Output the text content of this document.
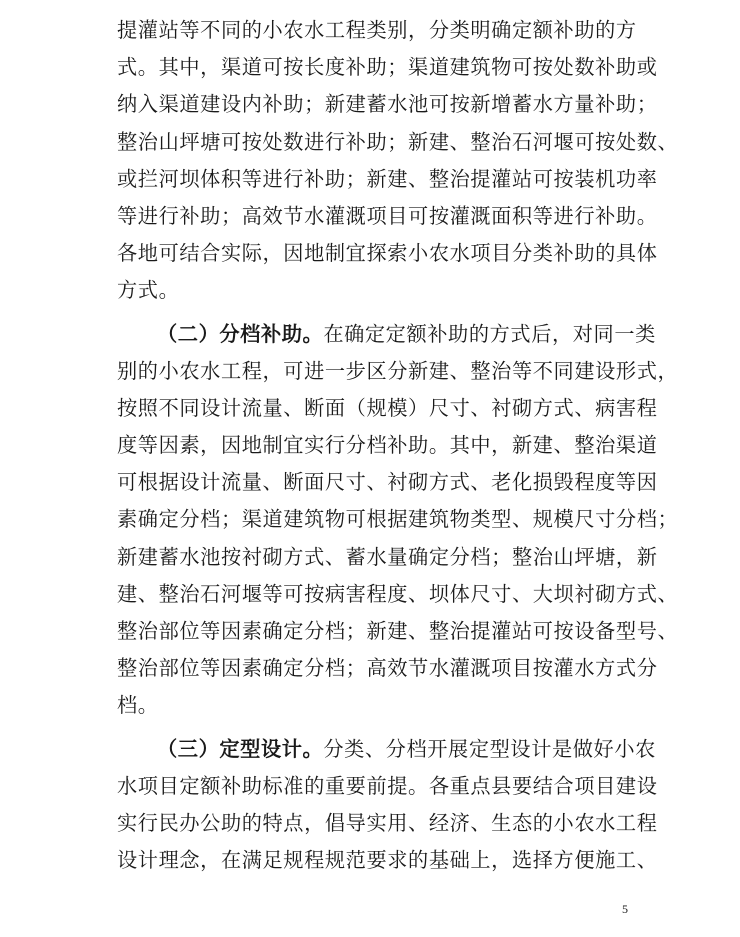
提灌站等不同的小农水工程类别，分类明确定额补助的方
式。其中，渠道可按长度补助；渠道建筑物可按处数补助或
纳入渠道建设内补助；新建蓄水池可按新增蓄水方量补助；
整治山坪塘可按处数进行补助；新建、整治石河堰可按处数、
或拦河坝体积等进行补助；新建、整治提灌站可按装机功率
等进行补助；高效节水灌溉项目可按灌溉面积等进行补助。
各地可结合实际，因地制宜探索小农水项目分类补助的具体
方式。
（二）分档补助。在确定定额补助的方式后，对同一类
别的小农水工程，可进一步区分新建、整治等不同建设形式，
按照不同设计流量、断面（规模）尺寸、衬砌方式、病害程
度等因素，因地制宜实行分档补助。其中，新建、整治渠道
可根据设计流量、断面尺寸、衬砌方式、老化损毁程度等因
素确定分档；渠道建筑物可根据建筑物类型、规模尺寸分档；
新建蓄水池按衬砌方式、蓄水量确定分档；整治山坪塘，新
建、整治石河堰等可按病害程度、坝体尺寸、大坝衬砌方式、
整治部位等因素确定分档；新建、整治提灌站可按设备型号、
整治部位等因素确定分档；高效节水灌溉项目按灌水方式分
档。
（三）定型设计。分类、分档开展定型设计是做好小农
水项目定额补助标准的重要前提。各重点县要结合项目建设
实行民办公助的特点，倡导实用、经济、生态的小农水工程
设计理念，在满足规程规范要求的基础上，选择方便施工、
5
